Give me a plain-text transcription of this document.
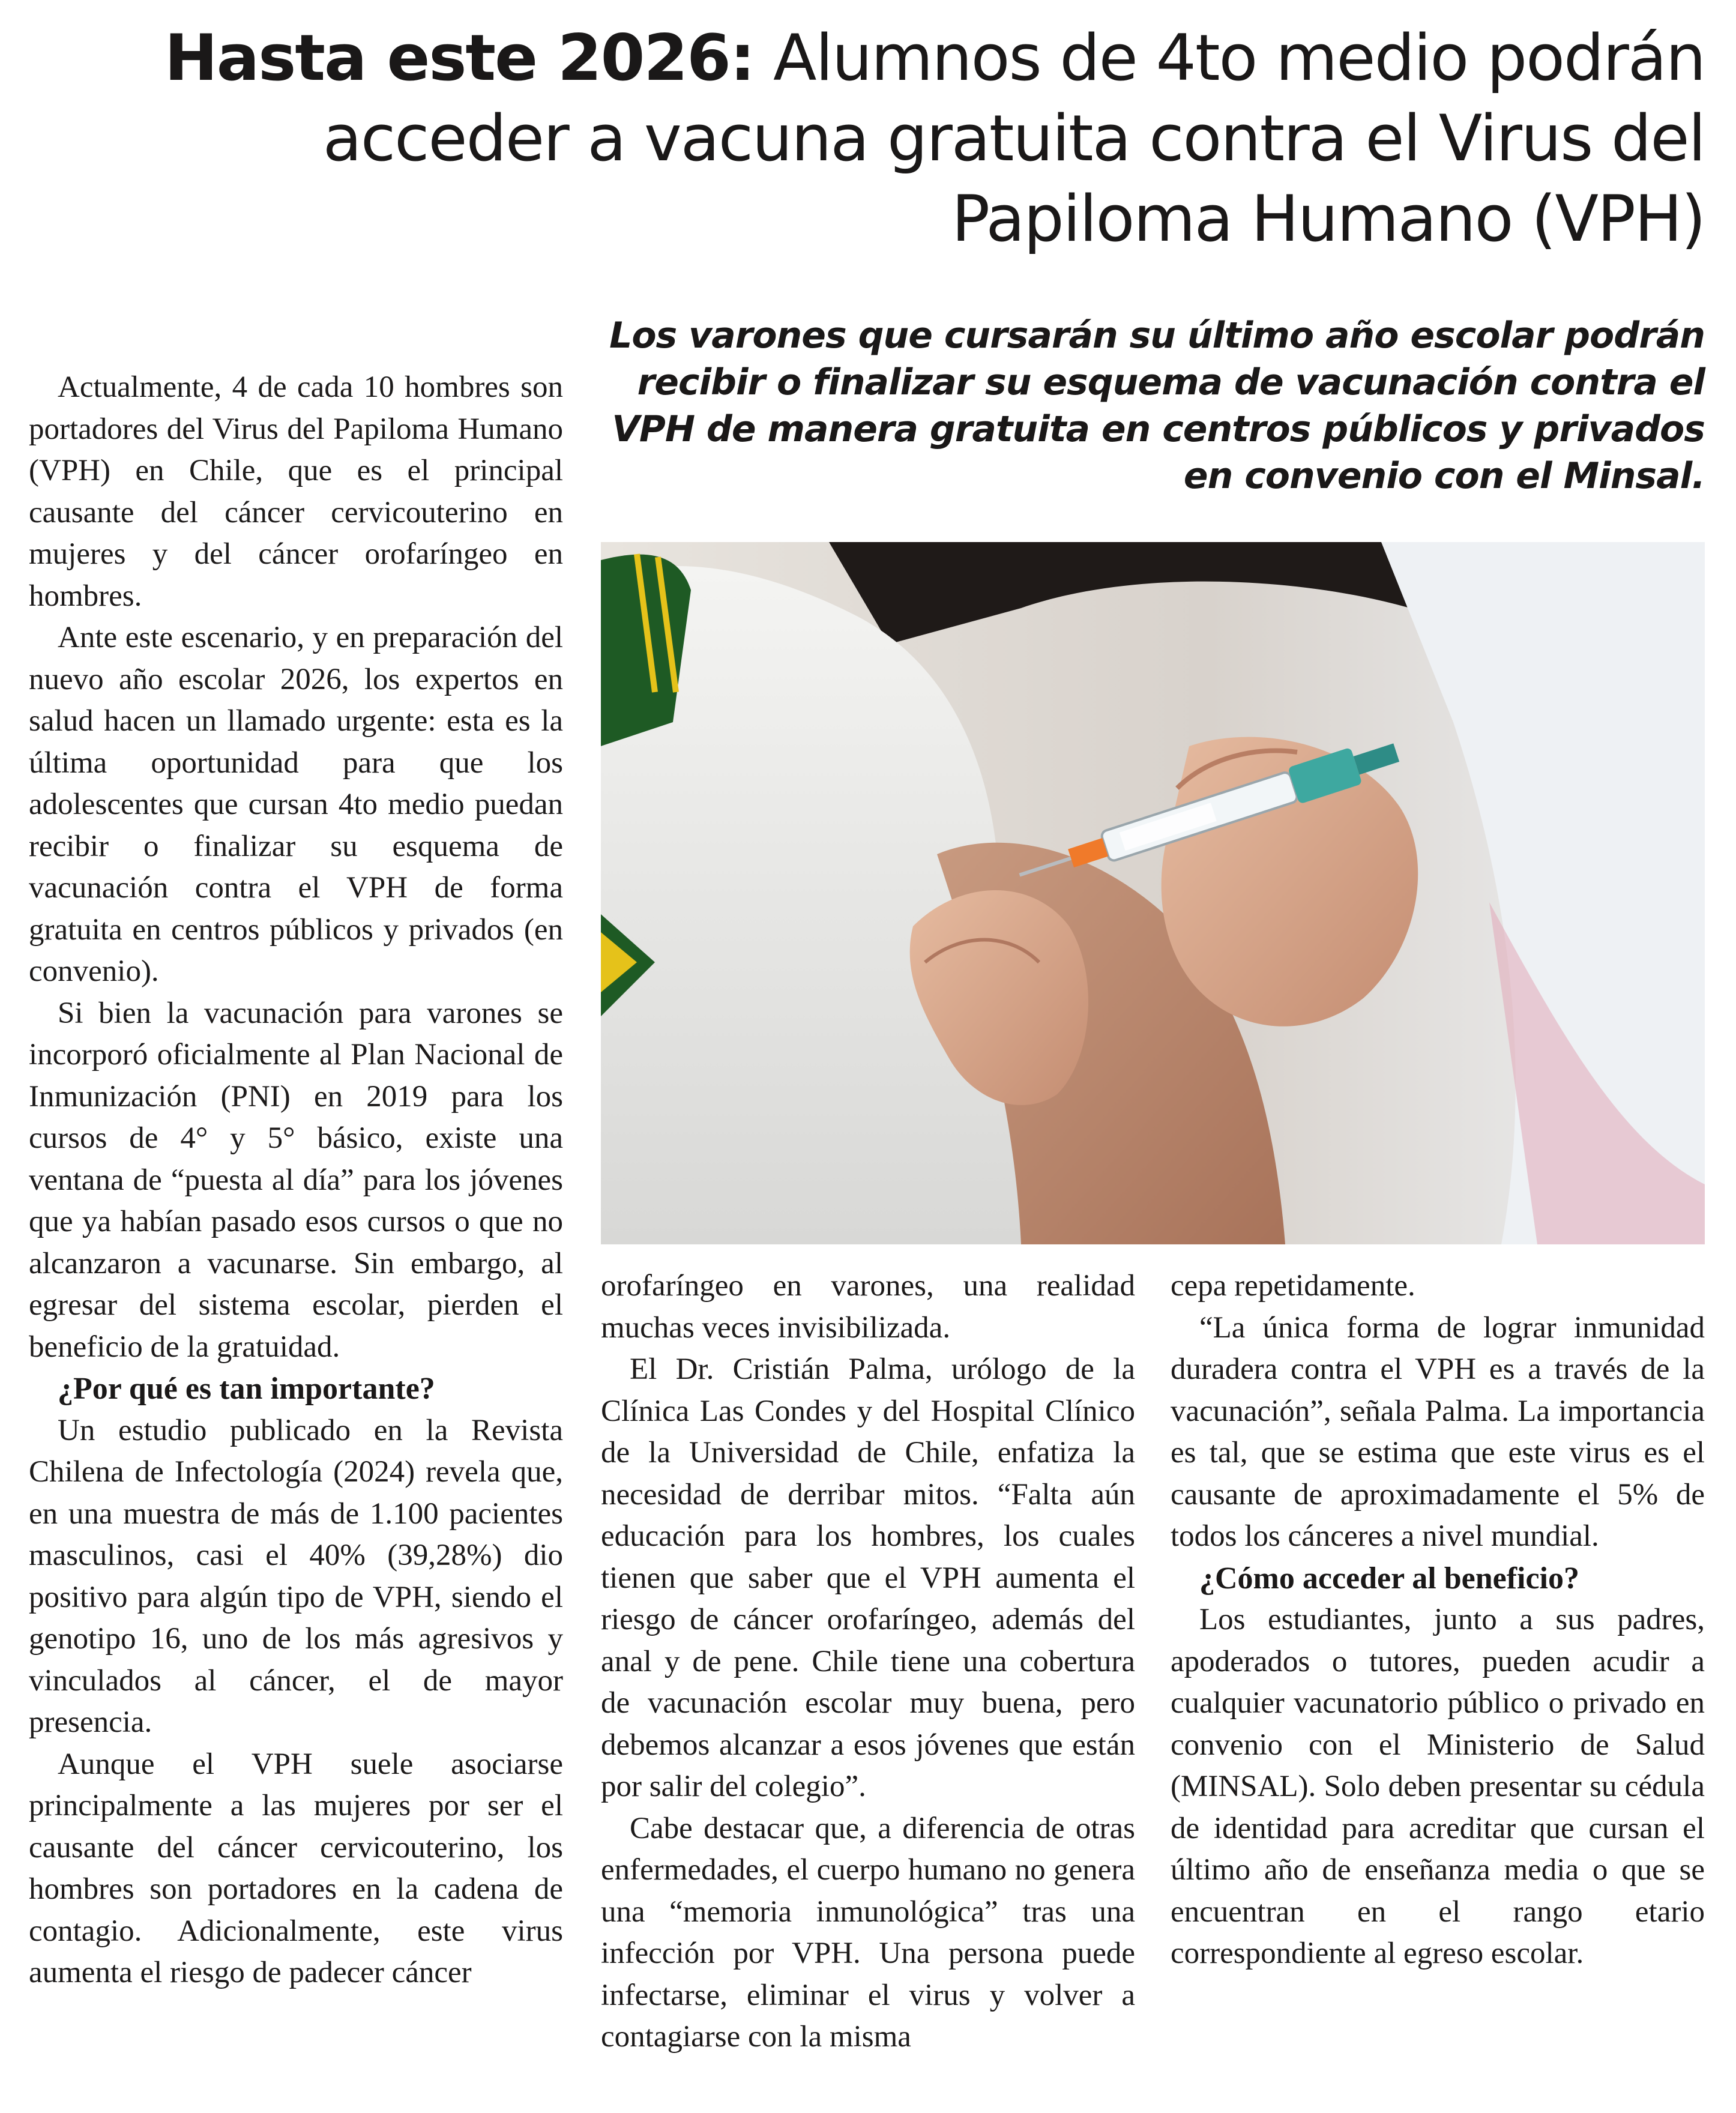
Hasta este 2026: Alumnos de 4to medio podrán acceder a vacuna gratuita contra el Virus del Papiloma Humano (VPH)
Los varones que cursarán su último año escolar podrán recibir o finalizar su esquema de vacunación contra el VPH de manera gratuita en centros públicos y privados en convenio con el Minsal.

Actualmente, 4 de cada 10 hombres son portadores del Virus del Papiloma Humano (VPH) en Chile, que es el principal causante del cáncer cervicouterino en mujeres y del cáncer orofaríngeo en hombres.

Ante este escenario, y en preparación del nuevo año escolar 2026, los expertos en salud hacen un llamado urgente: esta es la última oportunidad para que los adolescentes que cursan 4to medio puedan recibir o finalizar su esquema de vacunación contra el VPH de forma gratuita en centros públicos y privados (en convenio).

Si bien la vacunación para varones se incorporó oficialmente al Plan Nacional de Inmunización (PNI) en 2019 para los cursos de 4° y 5° básico, existe una ventana de “puesta al día” para los jóvenes que ya habían pasado esos cursos o que no alcanzaron a vacunarse. Sin embargo, al egresar del sistema escolar, pierden el beneficio de la gratuidad.

¿Por qué es tan importante?

Un estudio publicado en la Revista Chilena de Infectología (2024) revela que, en una muestra de más de 1.100 pacientes masculinos, casi el 40% (39,28%) dio positivo para algún tipo de VPH, siendo el genotipo 16, uno de los más agresivos y vinculados al cáncer, el de mayor presencia.

Aunque el VPH suele asociarse principalmente a las mujeres por ser el causante del cáncer cervicouterino, los hombres son portadores en la cadena de contagio. Adicionalmente, este virus aumenta el riesgo de padecer cáncer

orofaríngeo en varones, una realidad muchas veces invisibilizada.

El Dr. Cristián Palma, urólogo de la Clínica Las Condes y del Hospital Clínico de la Universidad de Chile, enfatiza la necesidad de derribar mitos. “Falta aún educación para los hombres, los cuales tienen que saber que el VPH aumenta el riesgo de cáncer orofaríngeo, además del anal y de pene. Chile tiene una cobertura de vacunación escolar muy buena, pero debemos alcanzar a esos jóvenes que están por salir del colegio”.

Cabe destacar que, a diferencia de otras enfermedades, el cuerpo humano no genera una “memoria inmunológica” tras una infección por VPH. Una persona puede infectarse, eliminar el virus y volver a contagiarse con la misma

cepa repetidamente.

“La única forma de lograr inmunidad duradera contra el VPH es a través de la vacunación”, señala Palma. La importancia es tal, que se estima que este virus es el causante de aproximadamente el 5% de todos los cánceres a nivel mundial.

¿Cómo acceder al beneficio?

Los estudiantes, junto a sus padres, apoderados o tutores, pueden acudir a cualquier vacunatorio público o privado en convenio con el Ministerio de Salud (MINSAL). Solo deben presentar su cédula de identidad para acreditar que cursan el último año de enseñanza media o que se encuentran en el rango etario correspondiente al egreso escolar.
